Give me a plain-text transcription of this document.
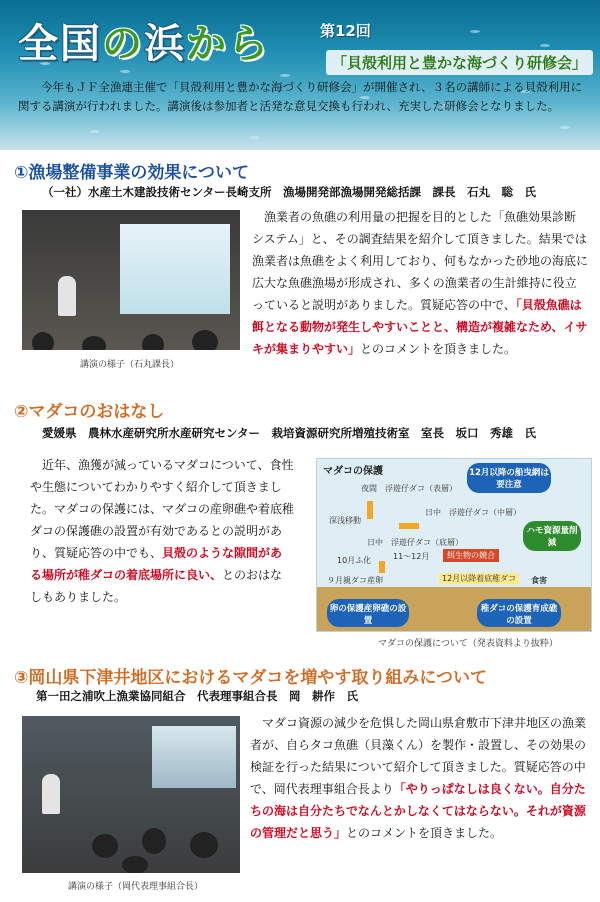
全国の浜から	第12回
「貝殻利用と豊かな海づくり研修会」

今年もＪＦ全漁連主催で「貝殻利用と豊かな海づくり研修会」が開催され、３名の講師による貝殻利用に関する講演が行われました。講演後は参加者と活発な意見交換も行われ、充実した研修会となりました。

①漁場整備事業の効果について
（一社）水産土木建設技術センター長崎支所　漁場開発部漁場開発総括課　課長　石丸　聡　氏
講演の様子（石丸課長）

漁業者の魚礁の利用量の把握を目的とした「魚礁効果診断システム」と、その調査結果を紹介して頂きました。結果では漁業者は魚礁をよく利用しており、何もなかった砂地の海底に広大な魚礁漁場が形成され、多くの漁業者の生計維持に役立っていると説明がありました。質疑応答の中で、「貝殻魚礁は餌となる動物が発生しやすいことと、構造が複雑なため、イサキが集まりやすい」とのコメントを頂きました。

②マダコのおはなし
愛媛県　農林水産研究所水産研究センター　栽培資源研究所増殖技術室　室長　坂口　秀雄　氏

近年、漁獲が減っているマダコについて、食性や生態についてわかりやすく紹介して頂きました。マダコの保護には、マダコの産卵礁や着底稚ダコの保護礁の設置が有効であるとの説明があり、質疑応答の中でも、貝殻のような隙間がある場所が稚ダコの着底場所に良い、とのおはなしもありました。

マダコの保護
夜間　浮遊仔ダコ（表層）
深浅移動
日中　浮遊仔ダコ（中層）
日中　浮遊仔ダコ（底層）
10月ふ化	11～12月
９月親ダコ産卵
12月以降の船曳網は要注意
ハモ資源量削減
餌生物の競合
12月以降着底稚ダコ	食害
卵の保護産卵礁の設置
稚ダコの保護育成礁の設置
マダコの保護について（発表資料より抜粋）
③岡山県下津井地区におけるマダコを増やす取り組みについて
第一田之浦吹上漁業協同組合　代表理事組合長　岡　耕作　氏
講演の様子（岡代表理事組合長）

マダコ資源の減少を危惧した岡山県倉敷市下津井地区の漁業者が、自らタコ魚礁（貝藻くん）を製作・設置し、その効果の検証を行った結果について紹介して頂きました。質疑応答の中で、岡代表理事組合長より「やりっぱなしは良くない。自分たちの海は自分たちでなんとかしなくてはならない。それが資源の管理だと思う」とのコメントを頂きました。
